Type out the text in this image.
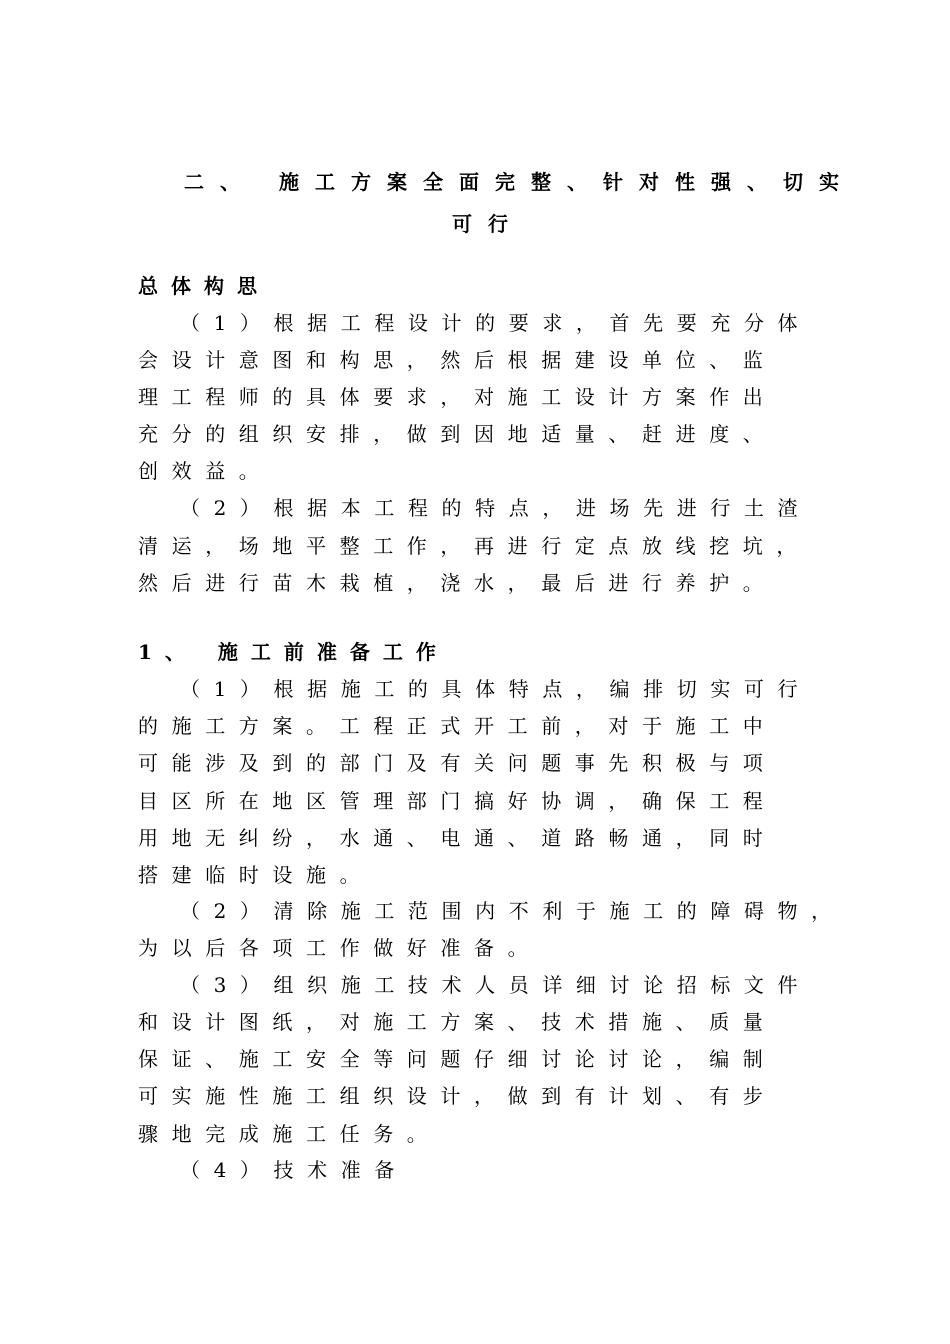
二、 施工方案全面完整、针对性强、切实
可行
总体构思
（1）根据工程设计的要求，首先要充分体
会设计意图和构思，然后根据建设单位、监
理工程师的具体要求，对施工设计方案作出
充分的组织安排，做到因地适量、赶进度、
创效益。
（2）根据本工程的特点，进场先进行土渣
清运，场地平整工作，再进行定点放线挖坑，
然后进行苗木栽植，浇水，最后进行养护。
1、 施工前准备工作
（1）根据施工的具体特点，编排切实可行
的施工方案。工程正式开工前，对于施工中
可能涉及到的部门及有关问题事先积极与项
目区所在地区管理部门搞好协调，确保工程
用地无纠纷，水通、电通、道路畅通，同时
搭建临时设施。
（2）清除施工范围内不利于施工的障碍物，
为以后各项工作做好准备。
（3）组织施工技术人员详细讨论招标文件
和设计图纸，对施工方案、技术措施、质量
保证、施工安全等问题仔细讨论讨论，编制
可实施性施工组织设计，做到有计划、有步
骤地完成施工任务。
（4）技术准备
